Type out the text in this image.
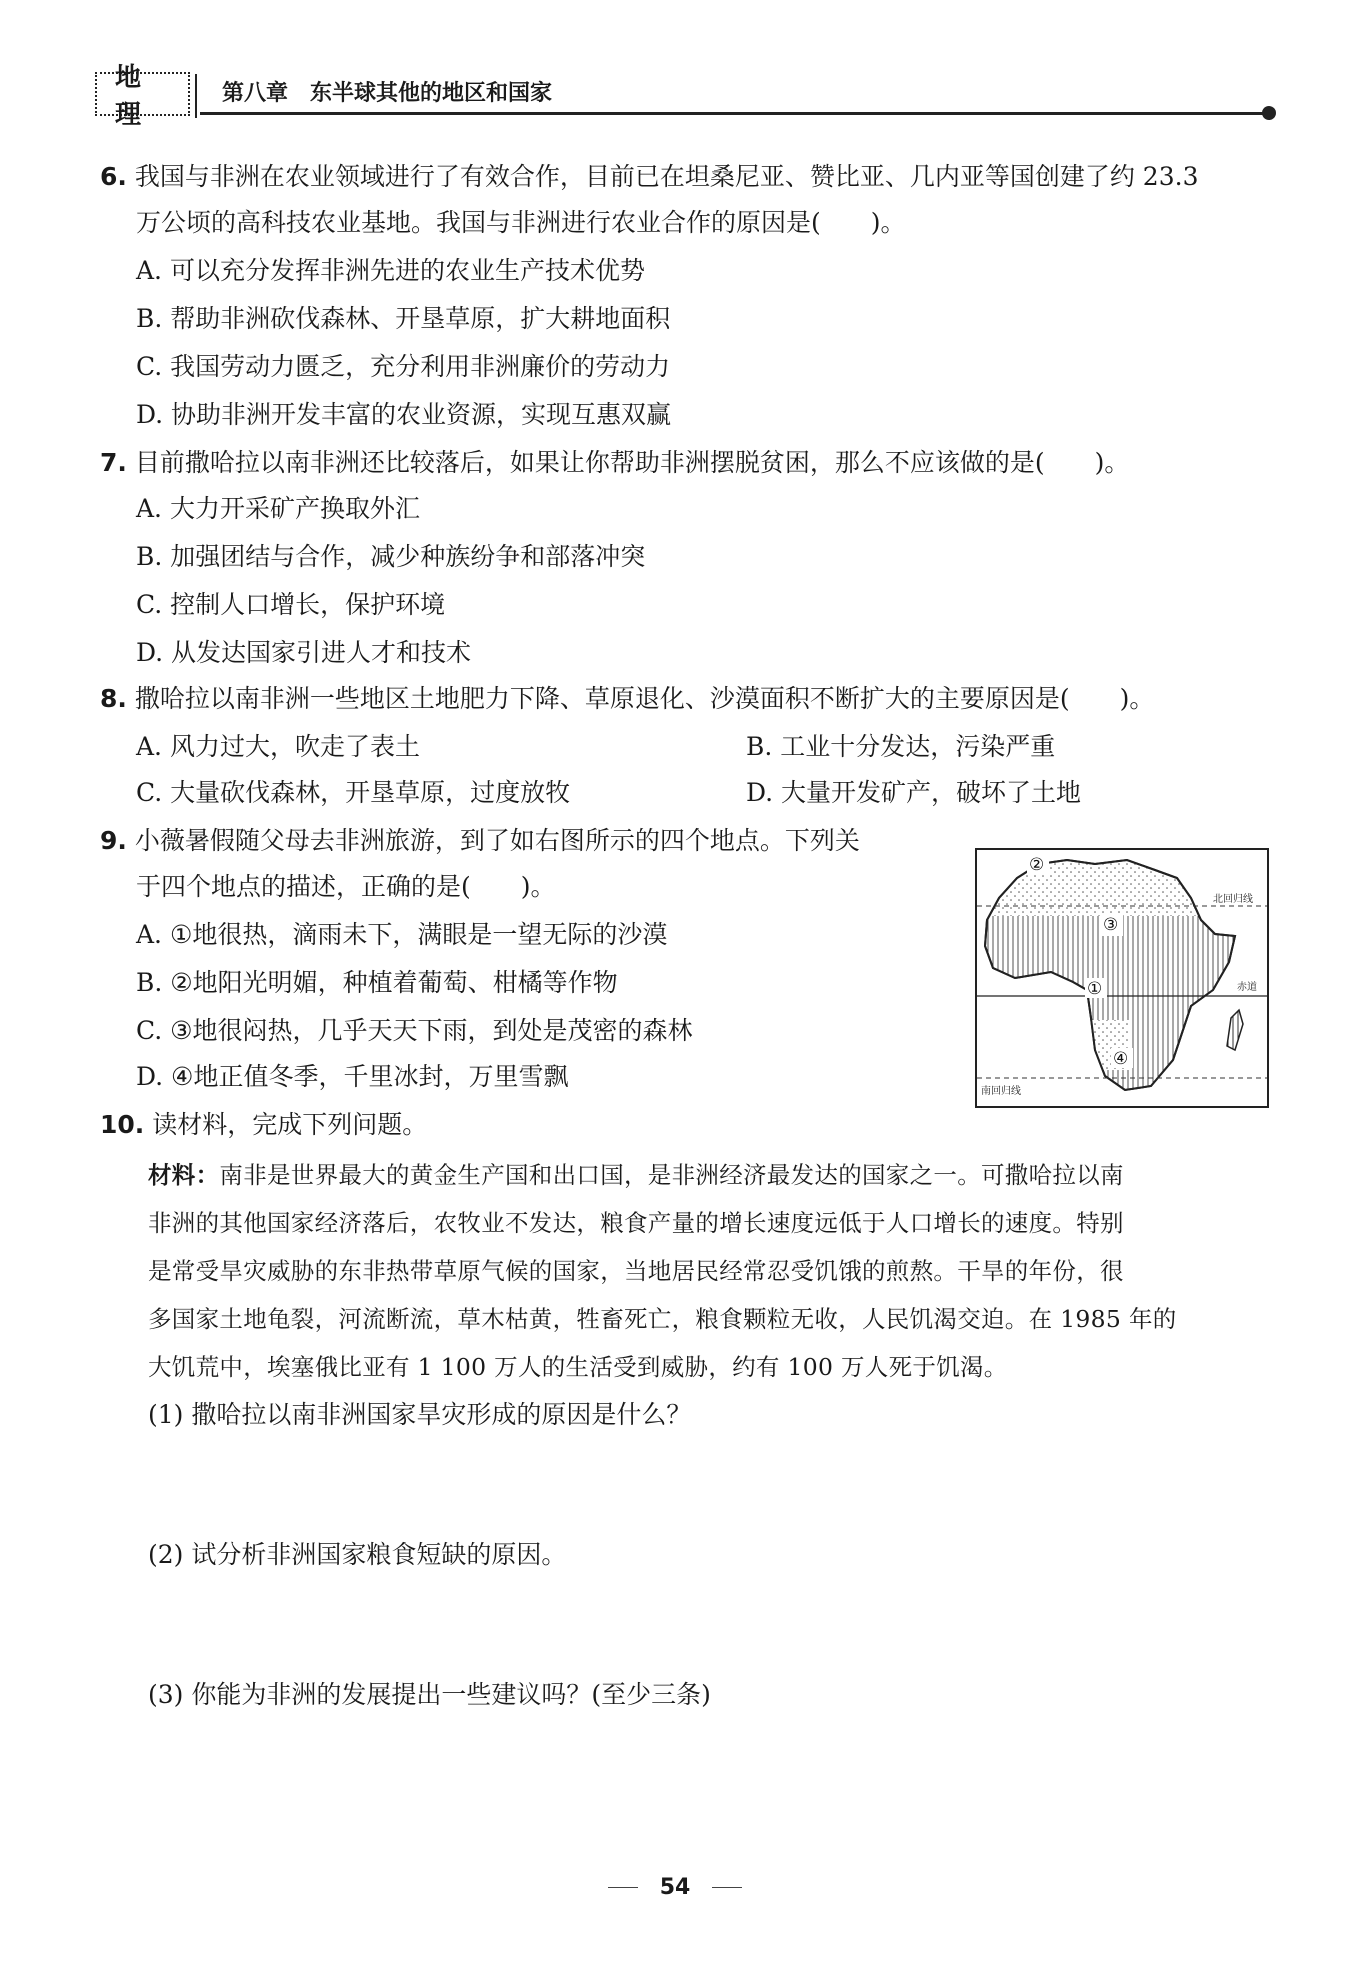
地理
第八章　东半球其他的地区和国家
6. 我国与非洲在农业领域进行了有效合作，目前已在坦桑尼亚、赞比亚、几内亚等国创建了约 23.3
万公顷的高科技农业基地。我国与非洲进行农业合作的原因是(　　)。
A. 可以充分发挥非洲先进的农业生产技术优势
B. 帮助非洲砍伐森林、开垦草原，扩大耕地面积
C. 我国劳动力匮乏，充分利用非洲廉价的劳动力
D. 协助非洲开发丰富的农业资源，实现互惠双赢
7. 目前撒哈拉以南非洲还比较落后，如果让你帮助非洲摆脱贫困，那么不应该做的是(　　)。
A. 大力开采矿产换取外汇
B. 加强团结与合作，减少种族纷争和部落冲突
C. 控制人口增长，保护环境
D. 从发达国家引进人才和技术
8. 撒哈拉以南非洲一些地区土地肥力下降、草原退化、沙漠面积不断扩大的主要原因是(　　)。
A. 风力过大，吹走了表土	B. 工业十分发达，污染严重
C. 大量砍伐森林，开垦草原，过度放牧	D. 大量开发矿产，破坏了土地
9. 小薇暑假随父母去非洲旅游，到了如右图所示的四个地点。下列关
于四个地点的描述，正确的是(　　)。
A. ①地很热，滴雨未下，满眼是一望无际的沙漠
B. ②地阳光明媚，种植着葡萄、柑橘等作物
C. ③地很闷热，几乎天天下雨，到处是茂密的森林
D. ④地正值冬季，千里冰封，万里雪飘
北回归线
赤道
南回归线
②
③
①
④
10. 读材料，完成下列问题。
材料：南非是世界最大的黄金生产国和出口国，是非洲经济最发达的国家之一。可撒哈拉以南
非洲的其他国家经济落后，农牧业不发达，粮食产量的增长速度远低于人口增长的速度。特别
是常受旱灾威胁的东非热带草原气候的国家，当地居民经常忍受饥饿的煎熬。干旱的年份，很
多国家土地龟裂，河流断流，草木枯黄，牲畜死亡，粮食颗粒无收，人民饥渴交迫。在 1985 年的
大饥荒中，埃塞俄比亚有 1 100 万人的生活受到威胁，约有 100 万人死于饥渴。
(1) 撒哈拉以南非洲国家旱灾形成的原因是什么？
(2) 试分析非洲国家粮食短缺的原因。
(3) 你能为非洲的发展提出一些建议吗？(至少三条)
54
